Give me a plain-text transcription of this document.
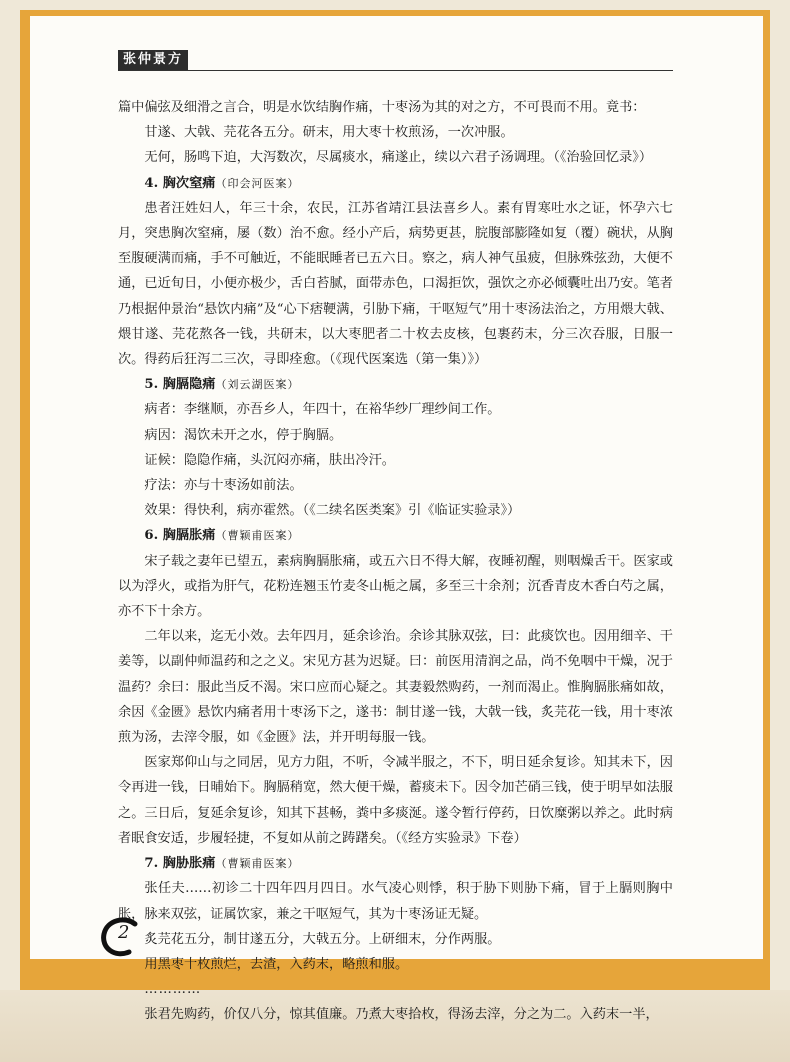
张仲景方

篇中偏弦及细滑之言合，明是水饮结胸作痛，十枣汤为其的对之方，不可畏而不用。竟书：

甘遂、大戟、芫花各五分。研末，用大枣十枚煎汤，一次冲服。

无何，肠鸣下迫，大泻数次，尽属痰水，痛遂止，续以六君子汤调理。（《治验回忆录》）

4. 胸次窒痛（印会河医案）

患者汪姓妇人，年三十余，农民，江苏省靖江县法喜乡人。素有胃寒吐水之证，怀孕六七月，突患胸次窒痛，屡（数）治不愈。经小产后，病势更甚，脘腹部膨隆如复（覆）碗状，从胸至腹硬满而痛，手不可触近，不能眠睡者已五六日。察之，病人神气虽疲，但脉殊弦劲，大便不通，已近旬日，小便亦极少，舌白苔腻，面带赤色，口渴拒饮，强饮之亦必倾囊吐出乃安。笔者乃根据仲景治“悬饮内痛”及“心下痞鞕满，引胁下痛，干呕短气”用十枣汤法治之，方用煨大戟、煨甘遂、芫花熬各一钱，共研末，以大枣肥者二十枚去皮核，包裹药末，分三次吞服，日服一次。得药后狂泻二三次，寻即痊愈。（《现代医案选（第一集）》）

5. 胸膈隐痛（刘云湖医案）

病者：李继顺，亦吾乡人，年四十，在裕华纱厂理纱间工作。

病因：渴饮未开之水，停于胸膈。

证候：隐隐作痛，头沉闷亦痛，肤出冷汗。

疗法：亦与十枣汤如前法。

效果：得快利，病亦霍然。（《二续名医类案》引《临证实验录》）

6. 胸膈胀痛（曹颖甫医案）

宋子载之妻年已望五，素病胸膈胀痛，或五六日不得大解，夜睡初醒，则咽燥舌干。医家或以为浮火，或指为肝气，花粉连翘玉竹麦冬山栀之属，多至三十余剂；沉香青皮木香白芍之属，亦不下十余方。

二年以来，迄无小效。去年四月，延余诊治。余诊其脉双弦，曰：此痰饮也。因用细辛、干姜等，以副仲师温药和之之义。宋见方甚为迟疑。曰：前医用清润之品，尚不免咽中干燥，况于温药？余曰：服此当反不渴。宋口应而心疑之。其妻毅然购药，一剂而渴止。惟胸膈胀痛如故，余因《金匮》悬饮内痛者用十枣汤下之，遂书：制甘遂一钱，大戟一钱，炙芫花一钱，用十枣浓煎为汤，去滓令服，如《金匮》法，并开明每服一钱。

医家郑仰山与之同居，见方力阻，不听，令减半服之，不下，明日延余复诊。知其未下，因令再进一钱，日晡始下。胸膈稍宽，然大便干燥，蓄痰未下。因令加芒硝三钱，使于明早如法服之。三日后，复延余复诊，知其下甚畅，粪中多痰涎。遂令暂行停药，日饮糜粥以养之。此时病者眠食安适，步履轻捷，不复如从前之踌躇矣。（《经方实验录》下卷）

7. 胸胁胀痛（曹颖甫医案）

张任夫……初诊二十四年四月四日。水气凌心则悸，积于胁下则胁下痛，冒于上膈则胸中胀，脉来双弦，证属饮家，兼之干呕短气，其为十枣汤证无疑。

炙芫花五分，制甘遂五分，大戟五分。上研细末，分作两服。

用黑枣十枚煎烂，去渣，入药末，略煎和服。

…………

张君先购药，价仅八分，惊其值廉。乃煮大枣拾枚，得汤去滓，分之为二。入药末一半，

2
